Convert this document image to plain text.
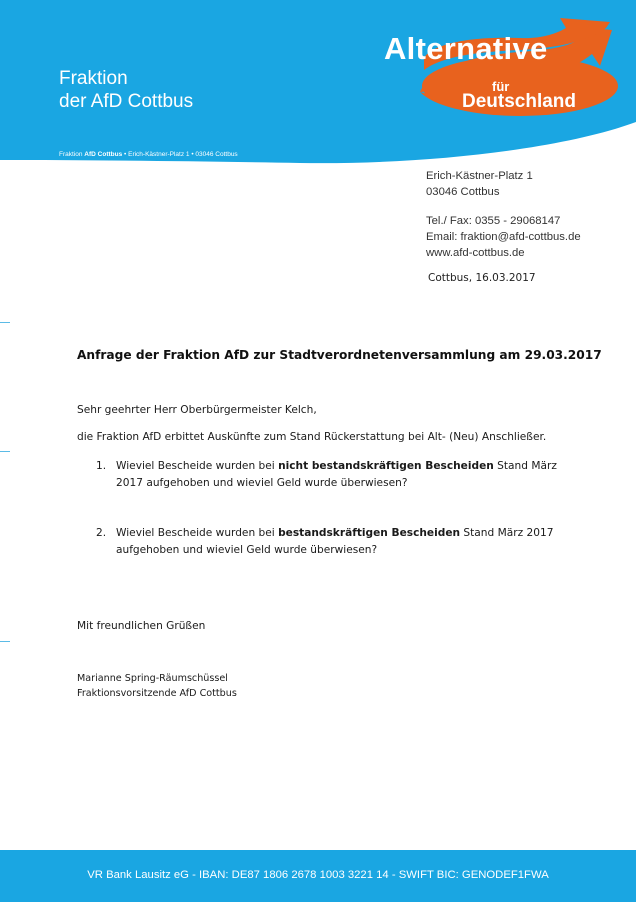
Alternative
für
Deutschland
Fraktion
der AfD Cottbus
Fraktion AfD Cottbus • Erich-Kästner-Platz 1 • 03046 Cottbus
Erich-Kästner-Platz 1
03046 Cottbus
Tel./ Fax: 0355 - 29068147
Email: fraktion@afd-cottbus.de
www.afd-cottbus.de
Cottbus, 16.03.2017
Anfrage der Fraktion AfD zur Stadtverordnetenversammlung am 29.03.2017
Sehr geehrter Herr Oberbürgermeister Kelch,
die Fraktion AfD erbittet Auskünfte zum Stand Rückerstattung bei Alt- (Neu) Anschließer.
1. Wieviel Bescheide wurden bei nicht bestandskräftigen Bescheiden Stand März 2017 aufgehoben und wieviel Geld wurde überwiesen?
2. Wieviel Bescheide wurden bei bestandskräftigen Bescheiden Stand März 2017 aufgehoben und wieviel Geld wurde überwiesen?
Mit freundlichen Grüßen
Marianne Spring-Räumschüssel
Fraktionsvorsitzende AfD Cottbus
VR Bank Lausitz eG - IBAN: DE87 1806 2678 1003 3221 14 - SWIFT BIC: GENODEF1FWA
